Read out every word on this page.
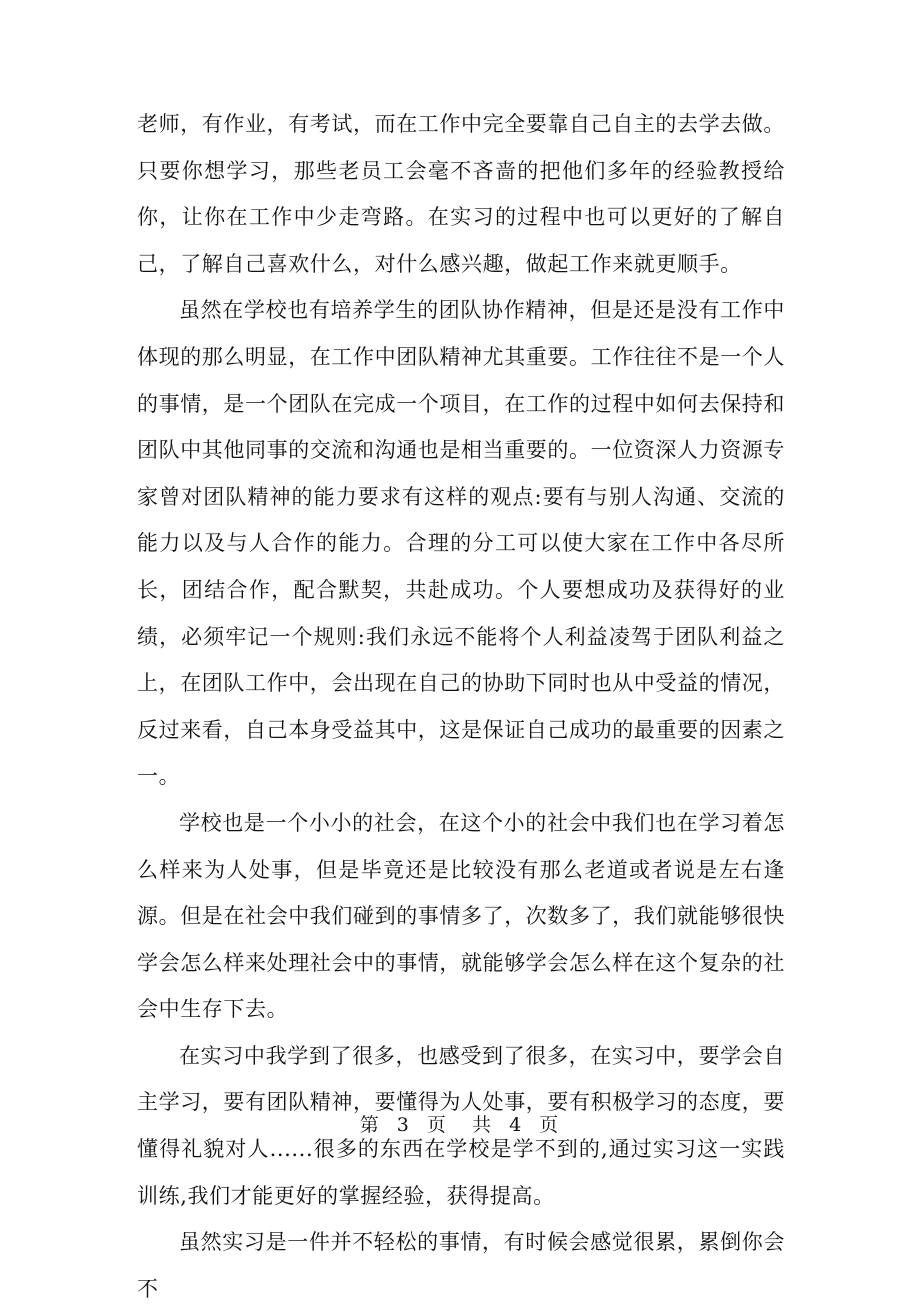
老师，有作业，有考试，而在工作中完全要靠自己自主的去学去做。只要你想学习，那些老员工会毫不吝啬的把他们多年的经验教授给你，让你在工作中少走弯路。在实习的过程中也可以更好的了解自己，了解自己喜欢什么，对什么感兴趣，做起工作来就更顺手。

虽然在学校也有培养学生的团队协作精神，但是还是没有工作中体现的那么明显，在工作中团队精神尤其重要。工作往往不是一个人的事情，是一个团队在完成一个项目，在工作的过程中如何去保持和团队中其他同事的交流和沟通也是相当重要的。一位资深人力资源专家曾对团队精神的能力要求有这样的观点:要有与别人沟通、交流的能力以及与人合作的能力。合理的分工可以使大家在工作中各尽所长，团结合作，配合默契，共赴成功。个人要想成功及获得好的业绩，必须牢记一个规则:我们永远不能将个人利益凌驾于团队利益之上，在团队工作中，会出现在自己的协助下同时也从中受益的情况，反过来看，自己本身受益其中，这是保证自己成功的最重要的因素之一。

学校也是一个小小的社会，在这个小的社会中我们也在学习着怎么样来为人处事，但是毕竟还是比较没有那么老道或者说是左右逢源。但是在社会中我们碰到的事情多了，次数多了，我们就能够很快学会怎么样来处理社会中的事情，就能够学会怎么样在这个复杂的社会中生存下去。

在实习中我学到了很多，也感受到了很多，在实习中，要学会自主学习，要有团队精神，要懂得为人处事，要有积极学习的态度，要懂得礼貌对人......很多的东西在学校是学不到的,通过实习这一实践训练,我们才能更好的掌握经验，获得提高。

虽然实习是一件并不轻松的事情，有时候会感觉很累，累倒你会不

第 3 页 共 4 页
